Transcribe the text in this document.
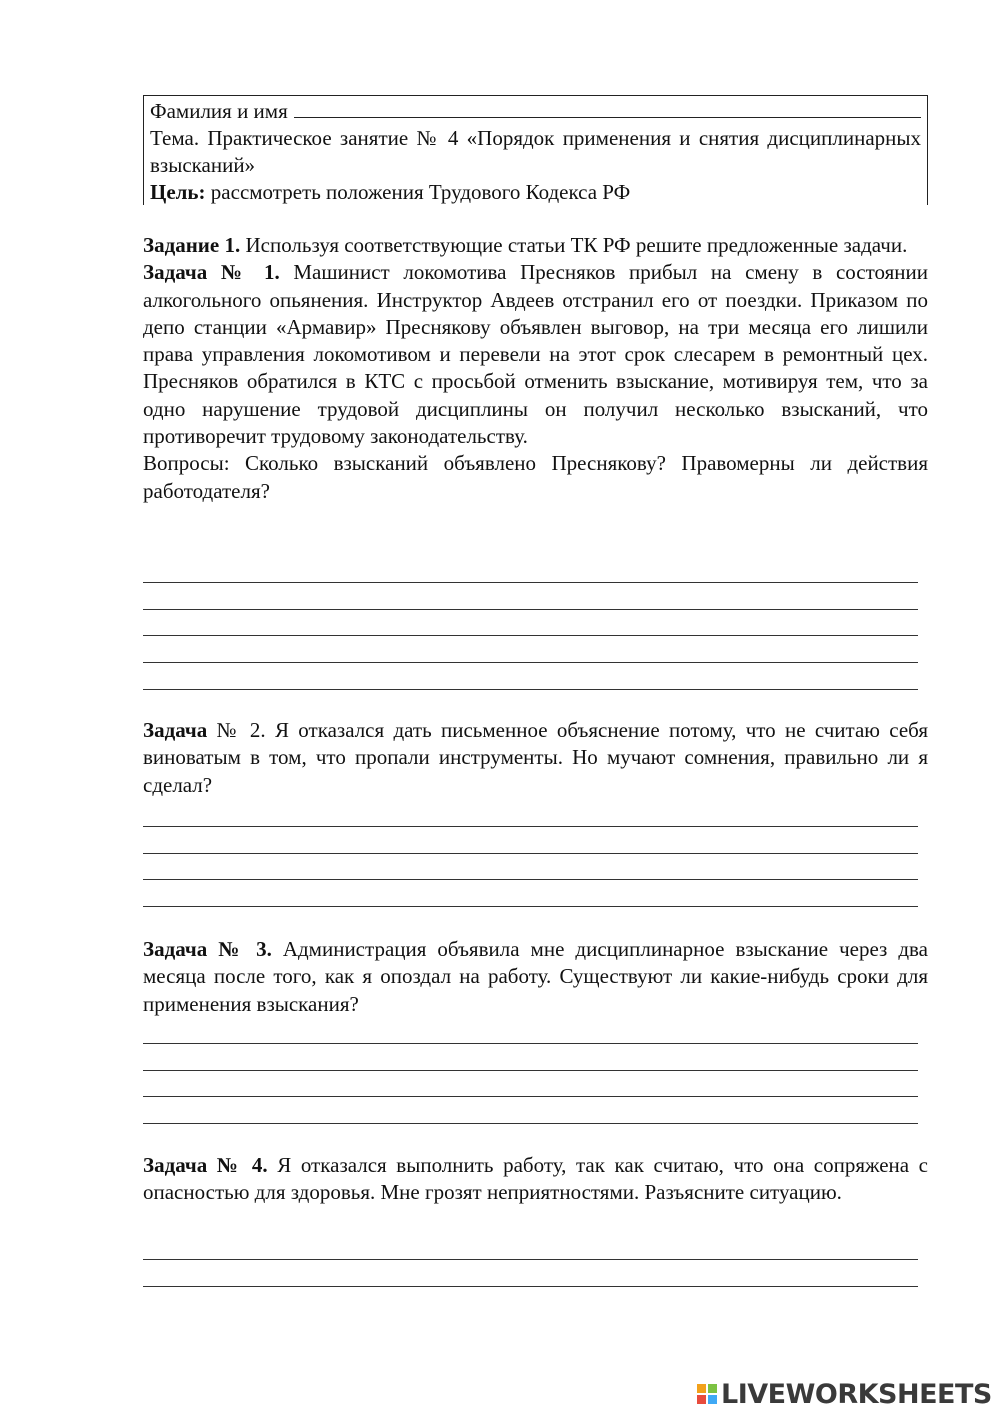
Фамилия и имя

Тема. Практическое занятие № 4 «Порядок применения и снятия дисциплинарных взысканий»

Цель: рассмотреть положения Трудового Кодекса РФ

Задание 1. Используя соответствующие статьи ТК РФ решите предложенные задачи.

Задача № 1. Машинист локомотива Пресняков прибыл на смену в состоянии алкогольного опьянения. Инструктор Авдеев отстранил его от поездки. Приказом по депо станции «Армавир» Преснякову объявлен выговор, на три месяца его лишили права управления локомотивом и перевели на этот срок слесарем в ремонтный цех. Пресняков обратился в КТС с просьбой отменить взыскание, мотивируя тем, что за одно нарушение трудовой дисциплины он получил несколько взысканий, что противоречит трудовому законодательству.

Вопросы: Сколько взысканий объявлено Преснякову? Правомерны ли действия работодателя?

Задача № 2. Я отказался дать письменное объяснение потому, что не считаю себя виноватым в том, что пропали инструменты. Но мучают сомнения, правильно ли я сделал?

Задача № 3. Администрация объявила мне дисциплинарное взыскание через два месяца после того, как я опоздал на работу. Существуют ли какие-нибудь сроки для применения взыскания?

Задача № 4. Я отказался выполнить работу, так как считаю, что она сопряжена с опасностью для здоровья. Мне грозят неприятностями. Разъясните ситуацию.

LIVEWORKSHEETS
